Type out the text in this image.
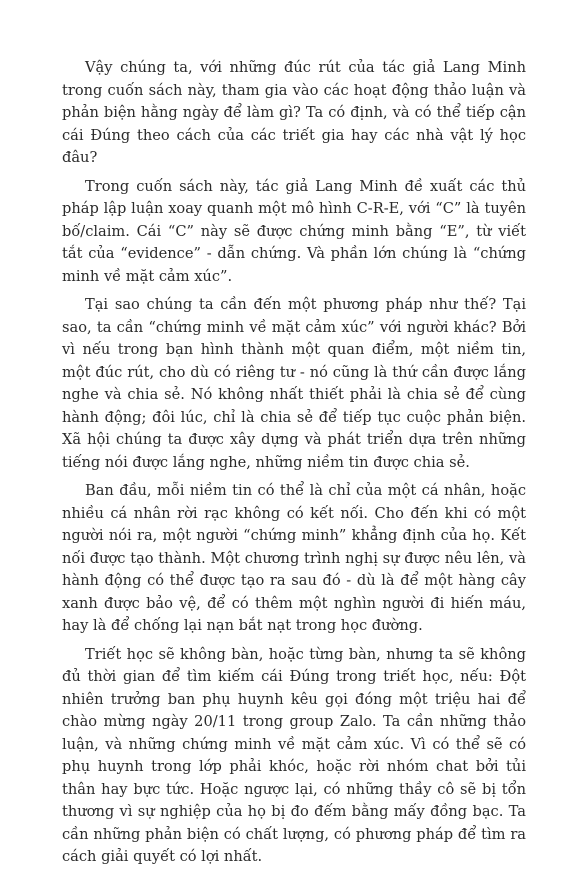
Vậy chúng ta, với những đúc rút của tác giả Lang Minh trong cuốn sách này, tham gia vào các hoạt động thảo luận và phản biện hằng ngày để làm gì? Ta có định, và có thể tiếp cận cái Đúng theo cách của các triết gia hay các nhà vật lý học đâu?

Trong cuốn sách này, tác giả Lang Minh đề xuất các thủ pháp lập luận xoay quanh một mô hình C-R-E, với “C” là tuyên bố/claim. Cái “C” này sẽ được chứng minh bằng “E”, từ viết tắt của “evidence” - dẫn chứng. Và phần lớn chúng là “chứng minh về mặt cảm xúc”.

Tại sao chúng ta cần đến một phương pháp như thế? Tại sao, ta cần “chứng minh về mặt cảm xúc” với người khác? Bởi vì nếu trong bạn hình thành một quan điểm, một niềm tin, một đúc rút, cho dù có riêng tư - nó cũng là thứ cần được lắng nghe và chia sẻ. Nó không nhất thiết phải là chia sẻ để cùng hành động; đôi lúc, chỉ là chia sẻ để tiếp tục cuộc phản biện. Xã hội chúng ta được xây dựng và phát triển dựa trên những tiếng nói được lắng nghe, những niềm tin được chia sẻ.

Ban đầu, mỗi niềm tin có thể là chỉ của một cá nhân, hoặc nhiều cá nhân rời rạc không có kết nối. Cho đến khi có một người nói ra, một người “chứng minh” khẳng định của họ. Kết nối được tạo thành. Một chương trình nghị sự được nêu lên, và hành động có thể được tạo ra sau đó - dù là để một hàng cây xanh được bảo vệ, để có thêm một nghìn người đi hiến máu, hay là để chống lại nạn bắt nạt trong học đường.

Triết học sẽ không bàn, hoặc từng bàn, nhưng ta sẽ không đủ thời gian để tìm kiếm cái Đúng trong triết học, nếu: Đột nhiên trưởng ban phụ huynh kêu gọi đóng một triệu hai để chào mừng ngày 20/11 trong group Zalo. Ta cần những thảo luận, và những chứng minh về mặt cảm xúc. Vì có thể sẽ có phụ huynh trong lớp phải khóc, hoặc rời nhóm chat bởi tủi thân hay bực tức. Hoặc ngược lại, có những thầy cô sẽ bị tổn thương vì sự nghiệp của họ bị đo đếm bằng mấy đồng bạc. Ta cần những phản biện có chất lượng, có phương pháp để tìm ra cách giải quyết có lợi nhất.
